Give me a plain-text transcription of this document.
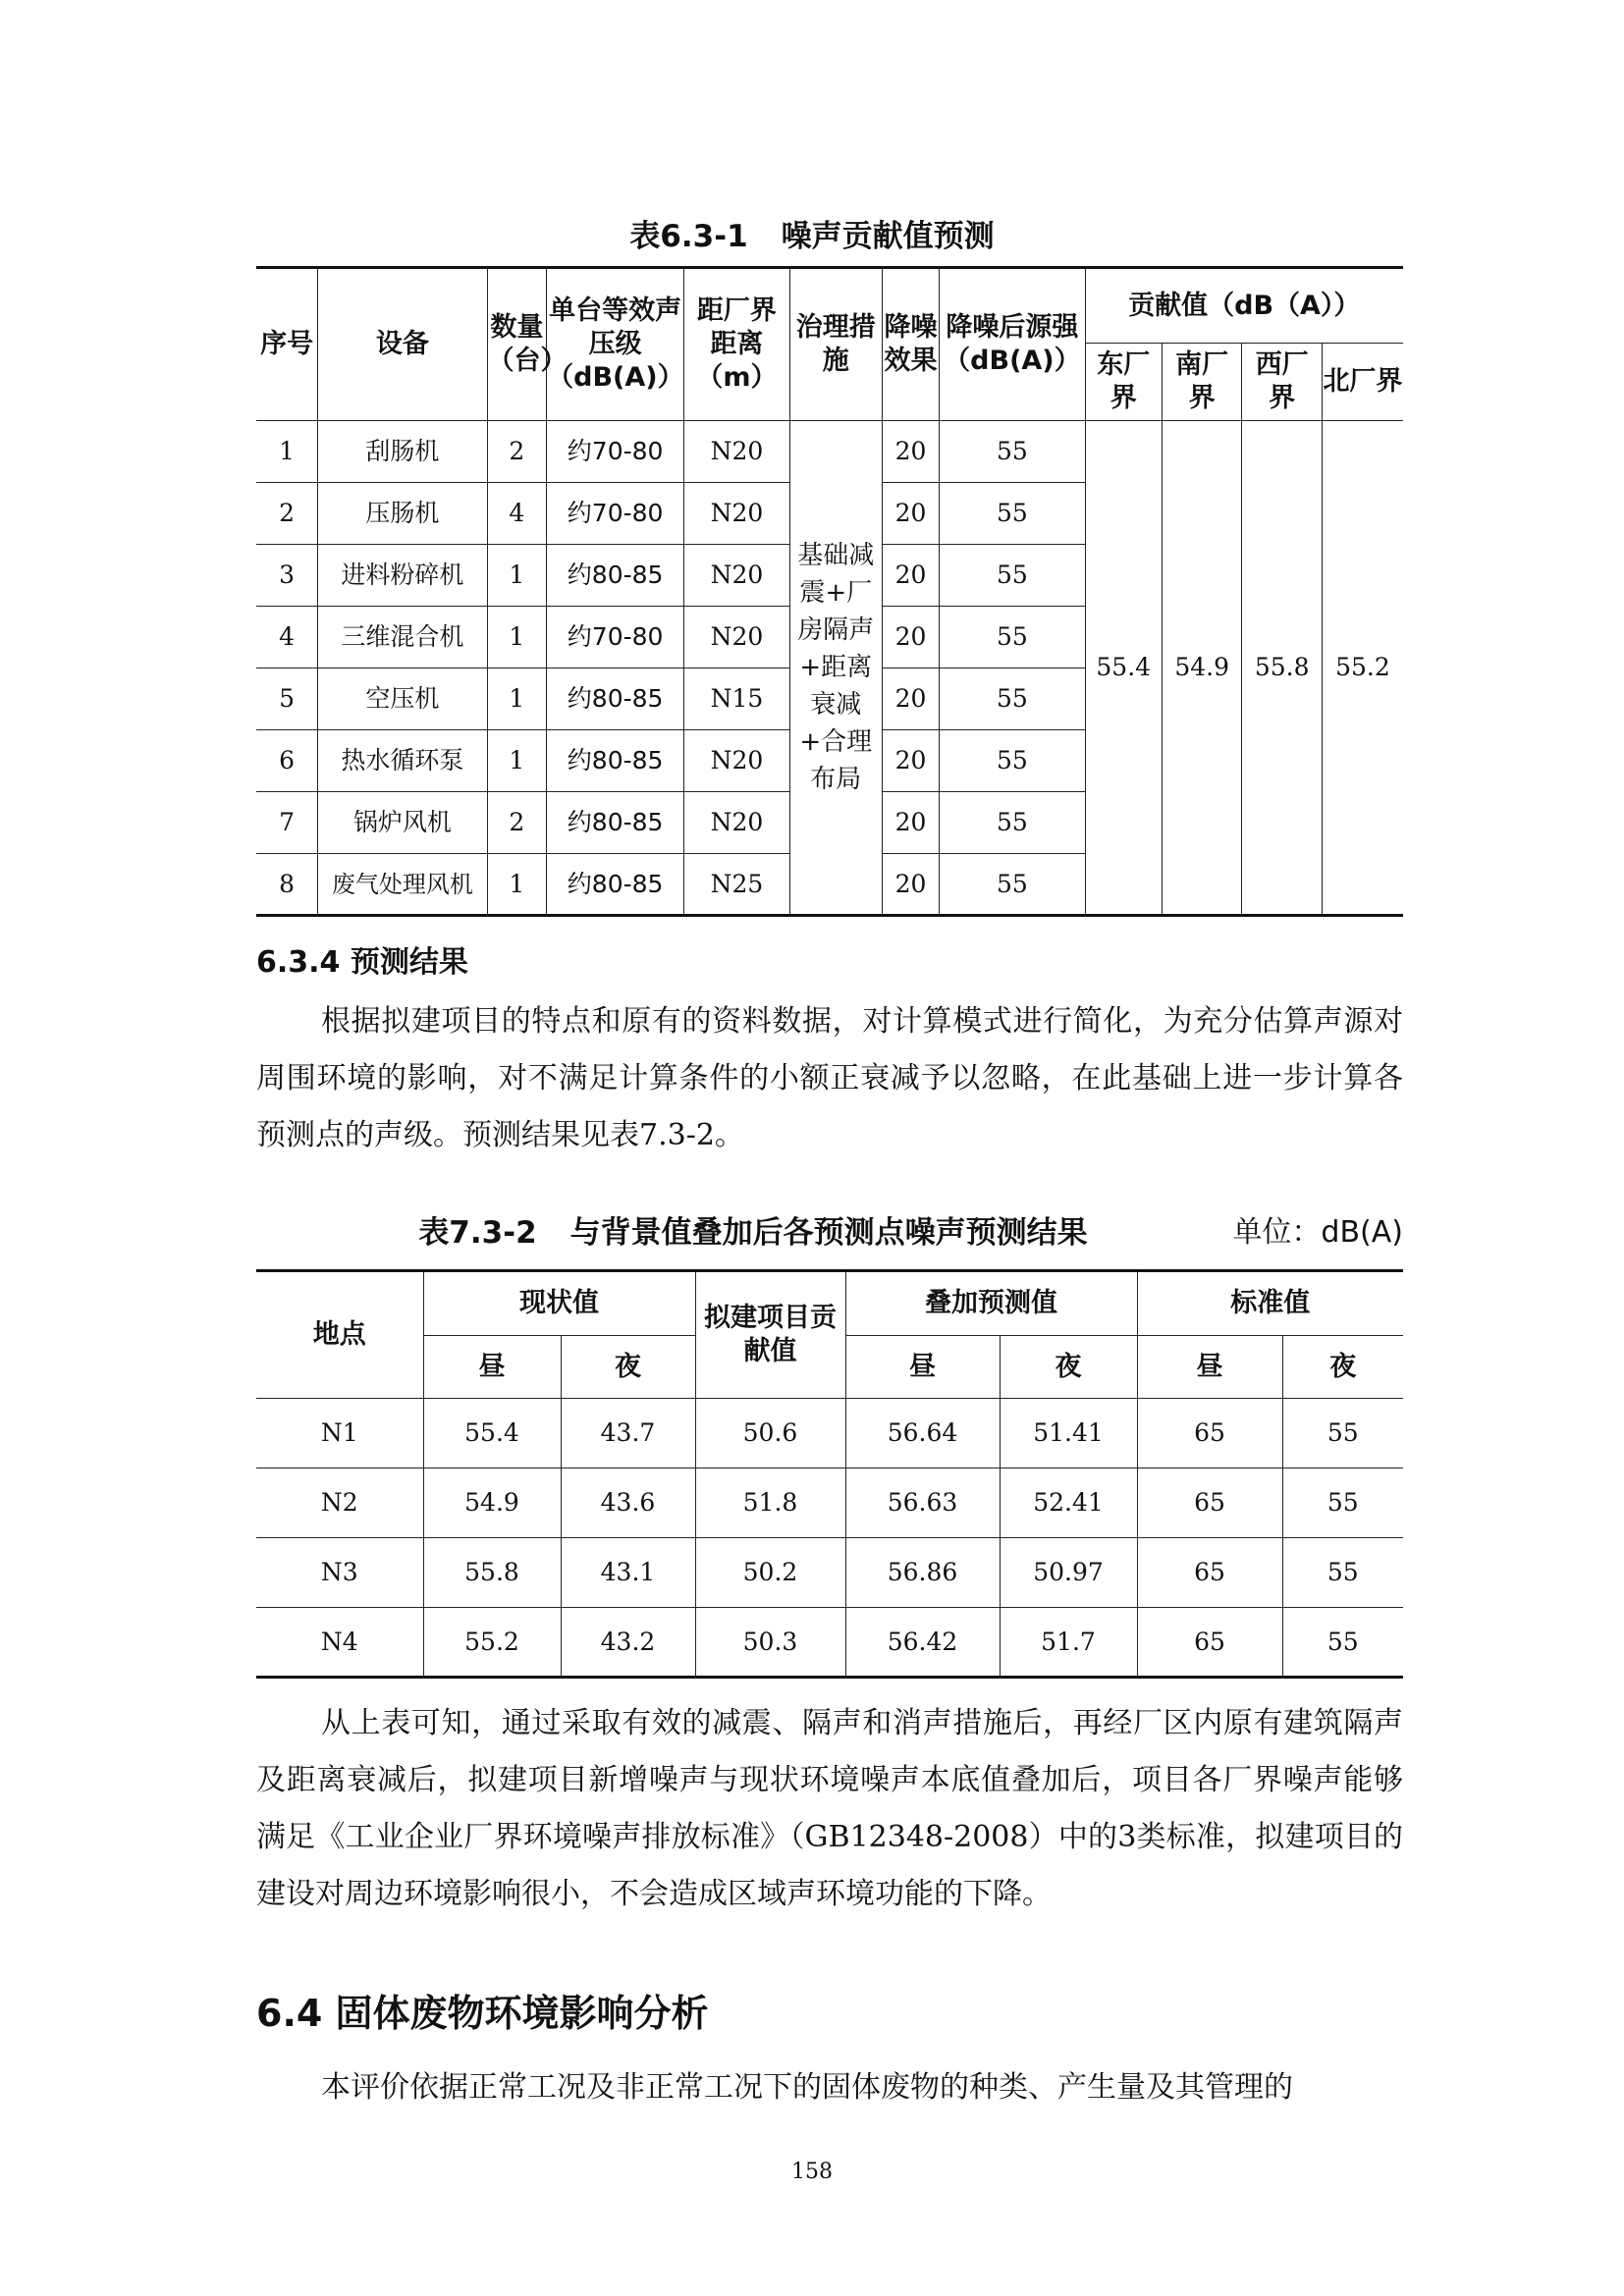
表6.3-1 噪声贡献值预测
序号	设备	数量（台）	单台等效声压级（dB(A)）	距厂界距离（m）	治理措施	降噪效果	降噪后源强（dB(A)）	贡献值（dB（A））			
								东厂界	南厂界	西厂界	北厂界
1	刮肠机	2	约70-80	N20	基础减震+厂房隔声+距离衰减+合理布局	20	55	55.4	54.9	55.8	55.2
2	压肠机	4	约70-80	N20		20	55				
3	进料粉碎机	1	约80-85	N20		20	55				
4	三维混合机	1	约70-80	N20		20	55				
5	空压机	1	约80-85	N15		20	55				
6	热水循环泵	1	约80-85	N20		20	55				
7	锅炉风机	2	约80-85	N20		20	55				
8	废气处理风机	1	约80-85	N25		20	55				
6.3.4 预测结果

根据拟建项目的特点和原有的资料数据，对计算模式进行简化，为充分估算声源对周围环境的影响，对不满足计算条件的小额正衰减予以忽略，在此基础上进一步计算各预测点的声级。预测结果见表7.3-2。

表7.3-2 与背景值叠加后各预测点噪声预测结果	单位：dB(A)
地点	现状值		拟建项目贡献值	叠加预测值		标准值	
	昼	夜		昼	夜	昼	夜
N1	55.4	43.7	50.6	56.64	51.41	65	55
N2	54.9	43.6	51.8	56.63	52.41	65	55
N3	55.8	43.1	50.2	56.86	50.97	65	55
N4	55.2	43.2	50.3	56.42	51.7	65	55

从上表可知，通过采取有效的减震、隔声和消声措施后，再经厂区内原有建筑隔声及距离衰减后，拟建项目新增噪声与现状环境噪声本底值叠加后，项目各厂界噪声能够满足《工业企业厂界环境噪声排放标准》（GB12348-2008）中的3类标准，拟建项目的建设对周边环境影响很小，不会造成区域声环境功能的下降。

6.4 固体废物环境影响分析

本评价依据正常工况及非正常工况下的固体废物的种类、产生量及其管理的

158
